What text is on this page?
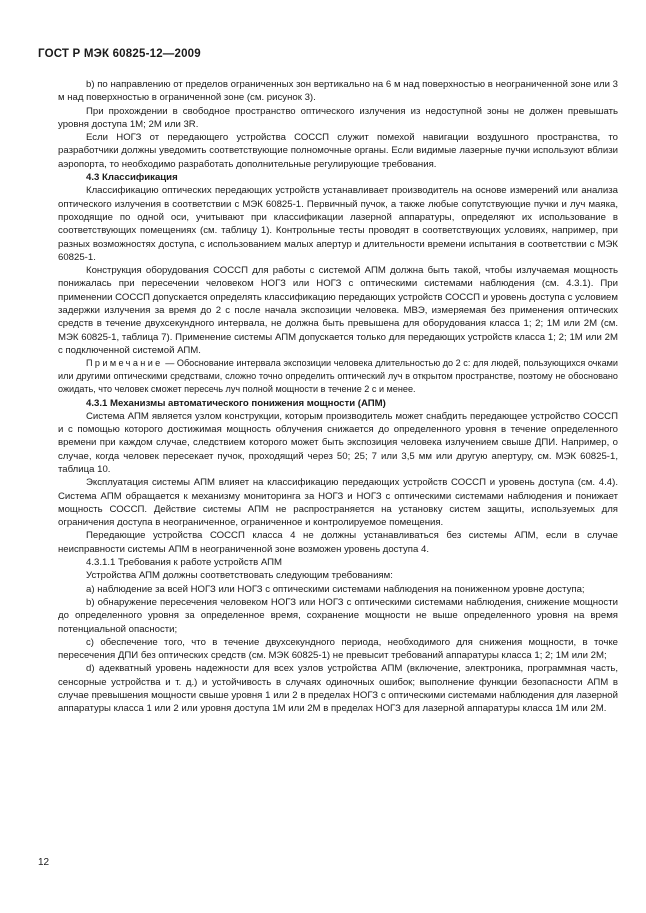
ГОСТ Р МЭК 60825-12—2009

b) по направлению от пределов ограниченных зон вертикально на 6 м над поверхностью в неограниченной зоне или 3 м над поверхностью в ограниченной зоне (см. рисунок 3).

При прохождении в свободное пространство оптического излучения из недоступной зоны не должен превышать уровня доступа 1М; 2М или 3R.

Если НОГЗ от передающего устройства СОССП служит помехой навигации воздушного пространства, то разработчики должны уведомить соответствующие полномочные органы. Если видимые лазерные пучки используют вблизи аэропорта, то необходимо разработать дополнительные регулирующие требования.

4.3 Классификация

Классификацию оптических передающих устройств устанавливает производитель на основе измерений или анализа оптического излучения в соответствии с МЭК 60825-1. Первичный пучок, а также любые сопутствующие пучки и луч маяка, проходящие по одной оси, учитывают при классификации лазерной аппаратуры, определяют их использование в соответствующих помещениях (см. таблицу 1). Контрольные тесты проводят в соответствующих условиях, например, при разных возможностях доступа, с использованием малых апертур и длительности времени испытания в соответствии с МЭК 60825-1.

Конструкция оборудования СОССП для работы с системой АПМ должна быть такой, чтобы излучаемая мощность понижалась при пересечении человеком НОГЗ или НОГЗ с оптическими системами наблюдения (см. 4.3.1). При применении СОССП допускается определять классификацию передающих устройств СОССП и уровень доступа с условием задержки излучения за время до 2 с после начала экспозиции человека. МВЭ, измеряемая без применения оптических средств в течение двухсекундного интервала, не должна быть превышена для оборудования класса 1; 2; 1М или 2М (см. МЭК 60825-1, таблица 7). Применение системы АПМ допускается только для передающих устройств класса 1; 2; 1М или 2М с подключенной системой АПМ.

Примечание — Обоснование интервала экспозиции человека длительностью до 2 с: для людей, пользующихся очками или другими оптическими средствами, сложно точно определить оптический луч в открытом пространстве, поэтому не обосновано ожидать, что человек сможет пересечь луч полной мощности в течение 2 с и менее.

4.3.1 Механизмы автоматического понижения мощности (АПМ)

Система АПМ является узлом конструкции, которым производитель может снабдить передающее устройство СОССП и с помощью которого достижимая мощность облучения снижается до определенного уровня в течение определенного времени при каждом случае, следствием которого может быть экспозиция человека излучением свыше ДПИ. Например, о случае, когда человек пересекает пучок, проходящий через 50; 25; 7 или 3,5 мм или другую апертуру, см. МЭК 60825-1, таблица 10.

Эксплуатация системы АПМ влияет на классификацию передающих устройств СОССП и уровень доступа (см. 4.4). Система АПМ обращается к механизму мониторинга за НОГЗ и НОГЗ с оптическими системами наблюдения и понижает мощность СОССП. Действие системы АПМ не распространяется на установку систем защиты, используемых для ограничения доступа в неограниченное, ограниченное и контролируемое помещения.

Передающие устройства СОССП класса 4 не должны устанавливаться без системы АПМ, если в случае неисправности системы АПМ в неограниченной зоне возможен уровень доступа 4.

4.3.1.1 Требования к работе устройств АПМ

Устройства АПМ должны соответствовать следующим требованиям:

a) наблюдение за всей НОГЗ или НОГЗ с оптическими системами наблюдения на пониженном уровне доступа;

b) обнаружение пересечения человеком НОГЗ или НОГЗ с оптическими системами наблюдения, снижение мощности до определенного уровня за определенное время, сохранение мощности не выше определенного уровня на время потенциальной опасности;

c) обеспечение того, что в течение двухсекундного периода, необходимого для снижения мощности, в точке пересечения ДПИ без оптических средств (см. МЭК 60825-1) не превысит требований аппаратуры класса 1; 2; 1М или 2М;

d) адекватный уровень надежности для всех узлов устройства АПМ (включение, электроника, программная часть, сенсорные устройства и т. д.) и устойчивость в случаях одиночных ошибок; выполнение функции безопасности АПМ в случае превышения мощности свыше уровня 1 или 2 в пределах НОГЗ с оптическими системами наблюдения для лазерной аппаратуры класса 1 или 2 или уровня доступа 1М или 2М в пределах НОГЗ для лазерной аппаратуры класса 1М или 2М.

12
